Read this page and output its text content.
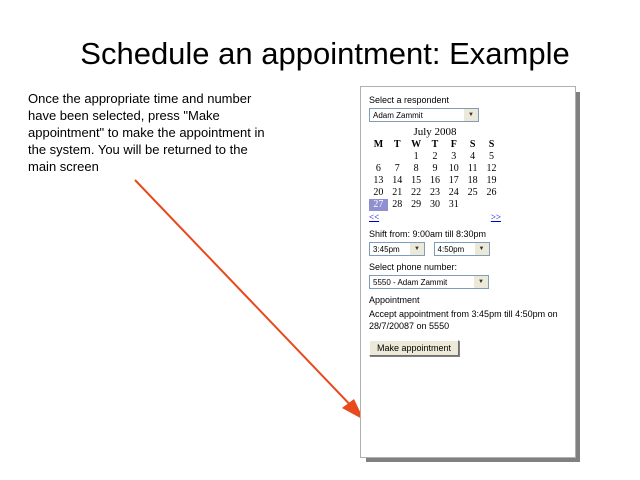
Schedule an appointment: Example
Once the appropriate time and number have been selected, press "Make appointment" to make the appointment in the system. You will be returned to the main screen
Select a respondent
Adam Zammit	▼
July 2008
M	T	W	T	F	S	S
		1	2	3	4	5
6	7	8	9	10	11	12
13	14	15	16	17	18	19
20	21	22	23	24	25	26
27	28	29	30	31		
<<	>>
Shift from: 9:00am till 8:30pm
3:45pm	▼	4:50pm	▼
Select phone number:
5550 - Adam Zammit	▼
Appointment
Accept appointment from 3:45pm till 4:50pm on 28/7/20087 on 5550
Make appointment
